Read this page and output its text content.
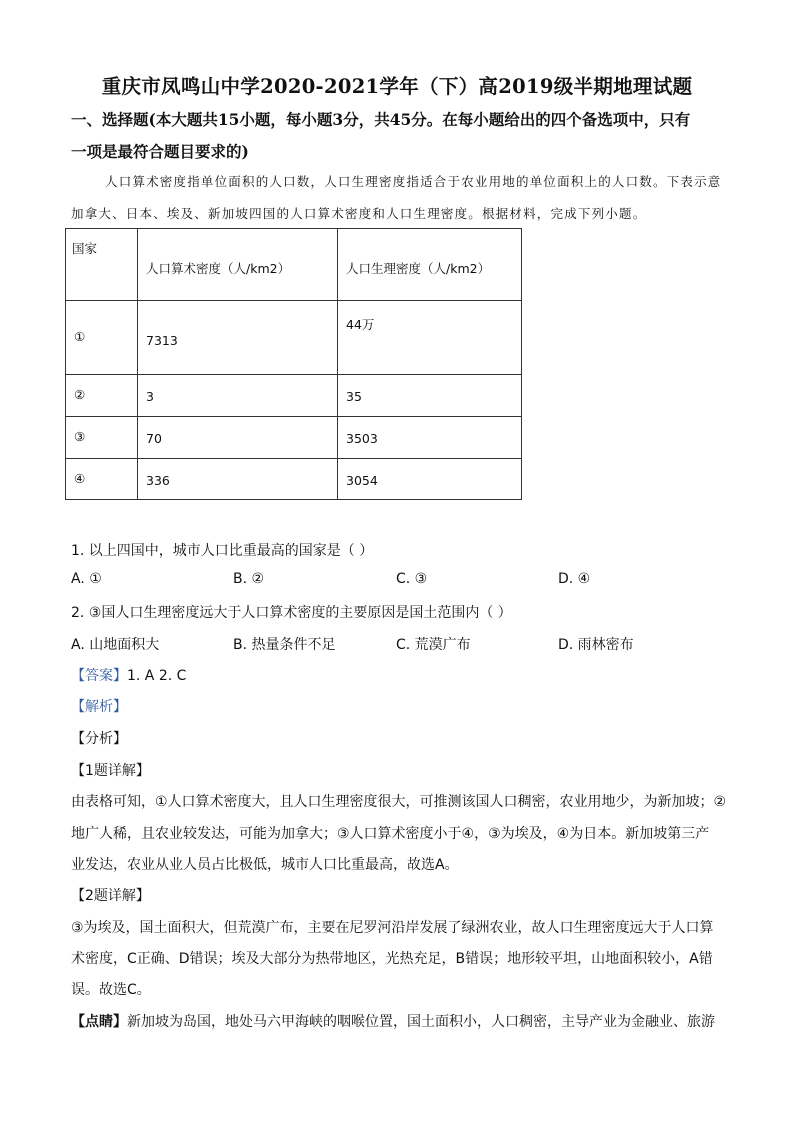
重庆市凤鸣山中学2020-2021学年（下）高2019级半期地理试题
一、选择题(本大题共15小题，每小题3分，共45分。在每小题给出的四个备选项中，只有
一项是最符合题目要求的)
人口算术密度指单位面积的人口数，人口生理密度指适合于农业用地的单位面积上的人口数。下表示意
加拿大、日本、埃及、新加坡四国的人口算术密度和人口生理密度。根据材料，完成下列小题。
国家	人口算术密度（人/km2）	人口生理密度（人/km2）
①	7313	44万
②	3	35
③	70	3503
④	336	3054
1. 以上四国中，城市人口比重最高的国家是（ ）
A. ①	B. ②	C. ③	D. ④
2. ③国人口生理密度远大于人口算术密度的主要原因是国土范围内（ ）
A. 山地面积大	B. 热量条件不足	C. 荒漠广布	D. 雨林密布
【答案】1. A 2. C
【解析】
【分析】
【1题详解】
由表格可知，①人口算术密度大，且人口生理密度很大，可推测该国人口稠密，农业用地少，为新加坡；②
地广人稀，且农业较发达，可能为加拿大；③人口算术密度小于④，③为埃及，④为日本。新加坡第三产
业发达，农业从业人员占比极低，城市人口比重最高，故选A。
【2题详解】
③为埃及，国土面积大，但荒漠广布，主要在尼罗河沿岸发展了绿洲农业，故人口生理密度远大于人口算
术密度，C正确、D错误；埃及大部分为热带地区，光热充足，B错误；地形较平坦，山地面积较小，A错
误。故选C。
【点睛】新加坡为岛国，地处马六甲海峡的咽喉位置，国土面积小，人口稠密，主导产业为金融业、旅游
